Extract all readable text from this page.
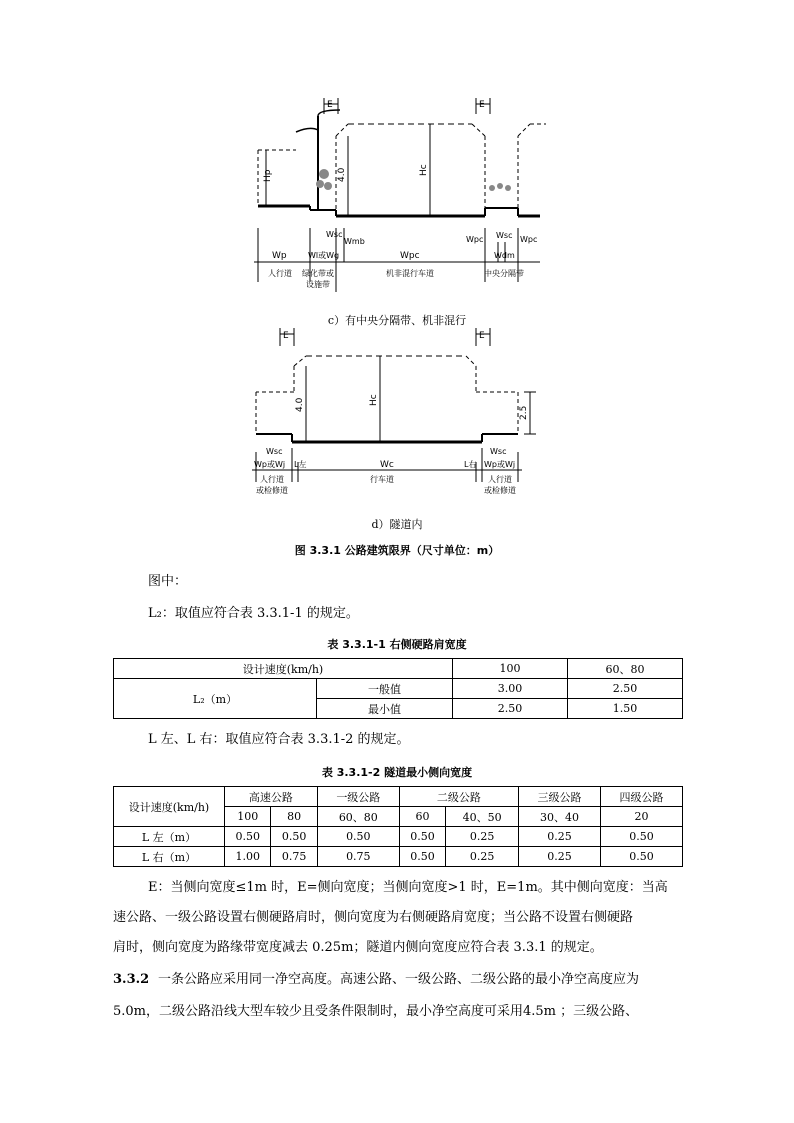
E	E
Hp	4.0	Hc
Wsc
Wmb
Wp	Wl或Wg	Wpc
Wpc Wsc Wpc
Wdm
人行道 绿化带或
设施带
机非混行车道	中央分隔带
c）有中央分隔带、机非混行
E	E
4.0	Hc
2.5
Wsc	Wsc
Wp或Wj	Wp或Wj
L左	L右
Wc
人行道
或检修道
行车道	人行道
或检修道
d）隧道内
图 3.3.1 公路建筑限界（尺寸单位：m）
图中：
L₂：取值应符合表 3.3.1-1 的规定。
表 3.3.1-1 右侧硬路肩宽度
设计速度(km/h)		100	60、80
L₂（m）	一般值	3.00	2.50
	最小值	2.50	1.50
L 左、L 右：取值应符合表 3.3.1-2 的规定。
表 3.3.1-2 隧道最小侧向宽度
设计速度(km/h)	高速公路		一级公路	二级公路		三级公路	四级公路
	100	80	60、80	60	40、50	30、40	20
L 左（m）	0.50	0.50	0.50	0.50	0.25	0.25	0.50
L 右（m）	1.00	0.75	0.75	0.50	0.25	0.25	0.50
E：当侧向宽度≤1m 时，E=侧向宽度；当侧向宽度>1 时，E=1m。其中侧向宽度：当高
速公路、一级公路设置右侧硬路肩时，侧向宽度为右侧硬路肩宽度；当公路不设置右侧硬路
肩时，侧向宽度为路缘带宽度减去 0.25m；隧道内侧向宽度应符合表 3.3.1 的规定。
3.3.2 一条公路应采用同一净空高度。高速公路、一级公路、二级公路的最小净空高度应为
5.0m，二级公路沿线大型车较少且受条件限制时，最小净空高度可采用4.5m ；三级公路、
